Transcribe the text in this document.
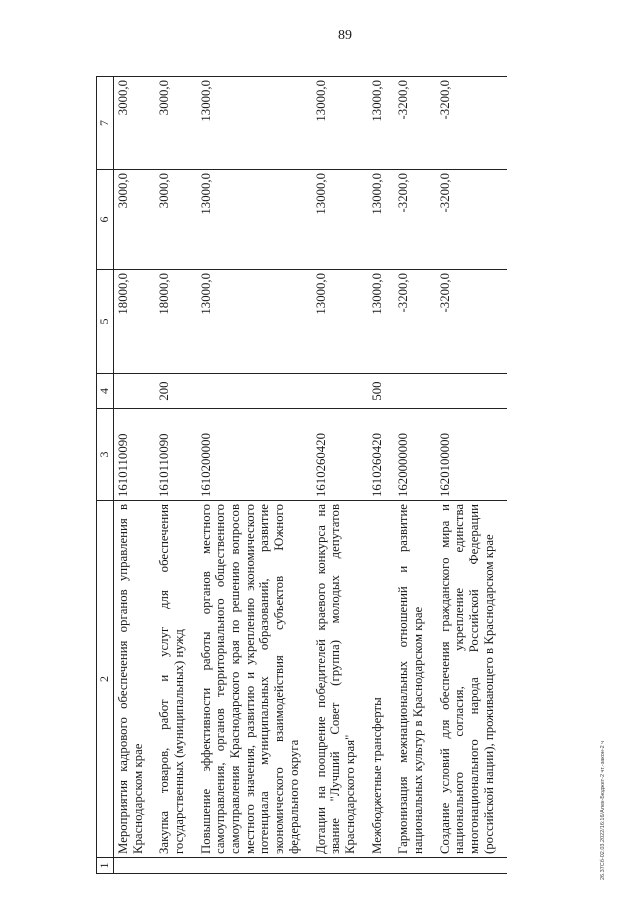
89
26.37Сб-02.03.2022/16:16/Алек-Бюджет-2 чт.-закон-2 ч
1	2	3	4	5	6	7
	Мероприятия кадрового обеспечения органов управления в Краснодарском крае	1610110090		18000,0	3000,0	3000,0
	Закупка товаров, работ и услуг для обеспечения государственных (муниципальных) нужд	1610110090	200	18000,0	3000,0	3000,0
	Повышение эффективности работы органов местного самоуправления, органов территориального общественного самоуправления Краснодарского края по решению вопросов местного значения, развитию и укреплению экономического потенциала муниципальных образований, развитие экономического взаимодействия субъектов Южного федерального округа	1610200000		13000,0	13000,0	13000,0
	Дотации на поощрение победителей краевого конкурса на звание "Лучший Совет (группа) молодых депутатов Краснодарского края"	1610260420		13000,0	13000,0	13000,0
	Межбюджетные трансферты	1610260420	500	13000,0	13000,0	13000,0
	Гармонизация межнациональных отношений и развитие национальных культур в Краснодарском крае	1620000000		-3200,0	-3200,0	-3200,0
	Создание условий для обеспечения гражданского мира и национального согласия, укрепление единства многонационального народа Российской Федерации (российской нации), проживающего в Краснодарском крае	1620100000		-3200,0	-3200,0	-3200,0
